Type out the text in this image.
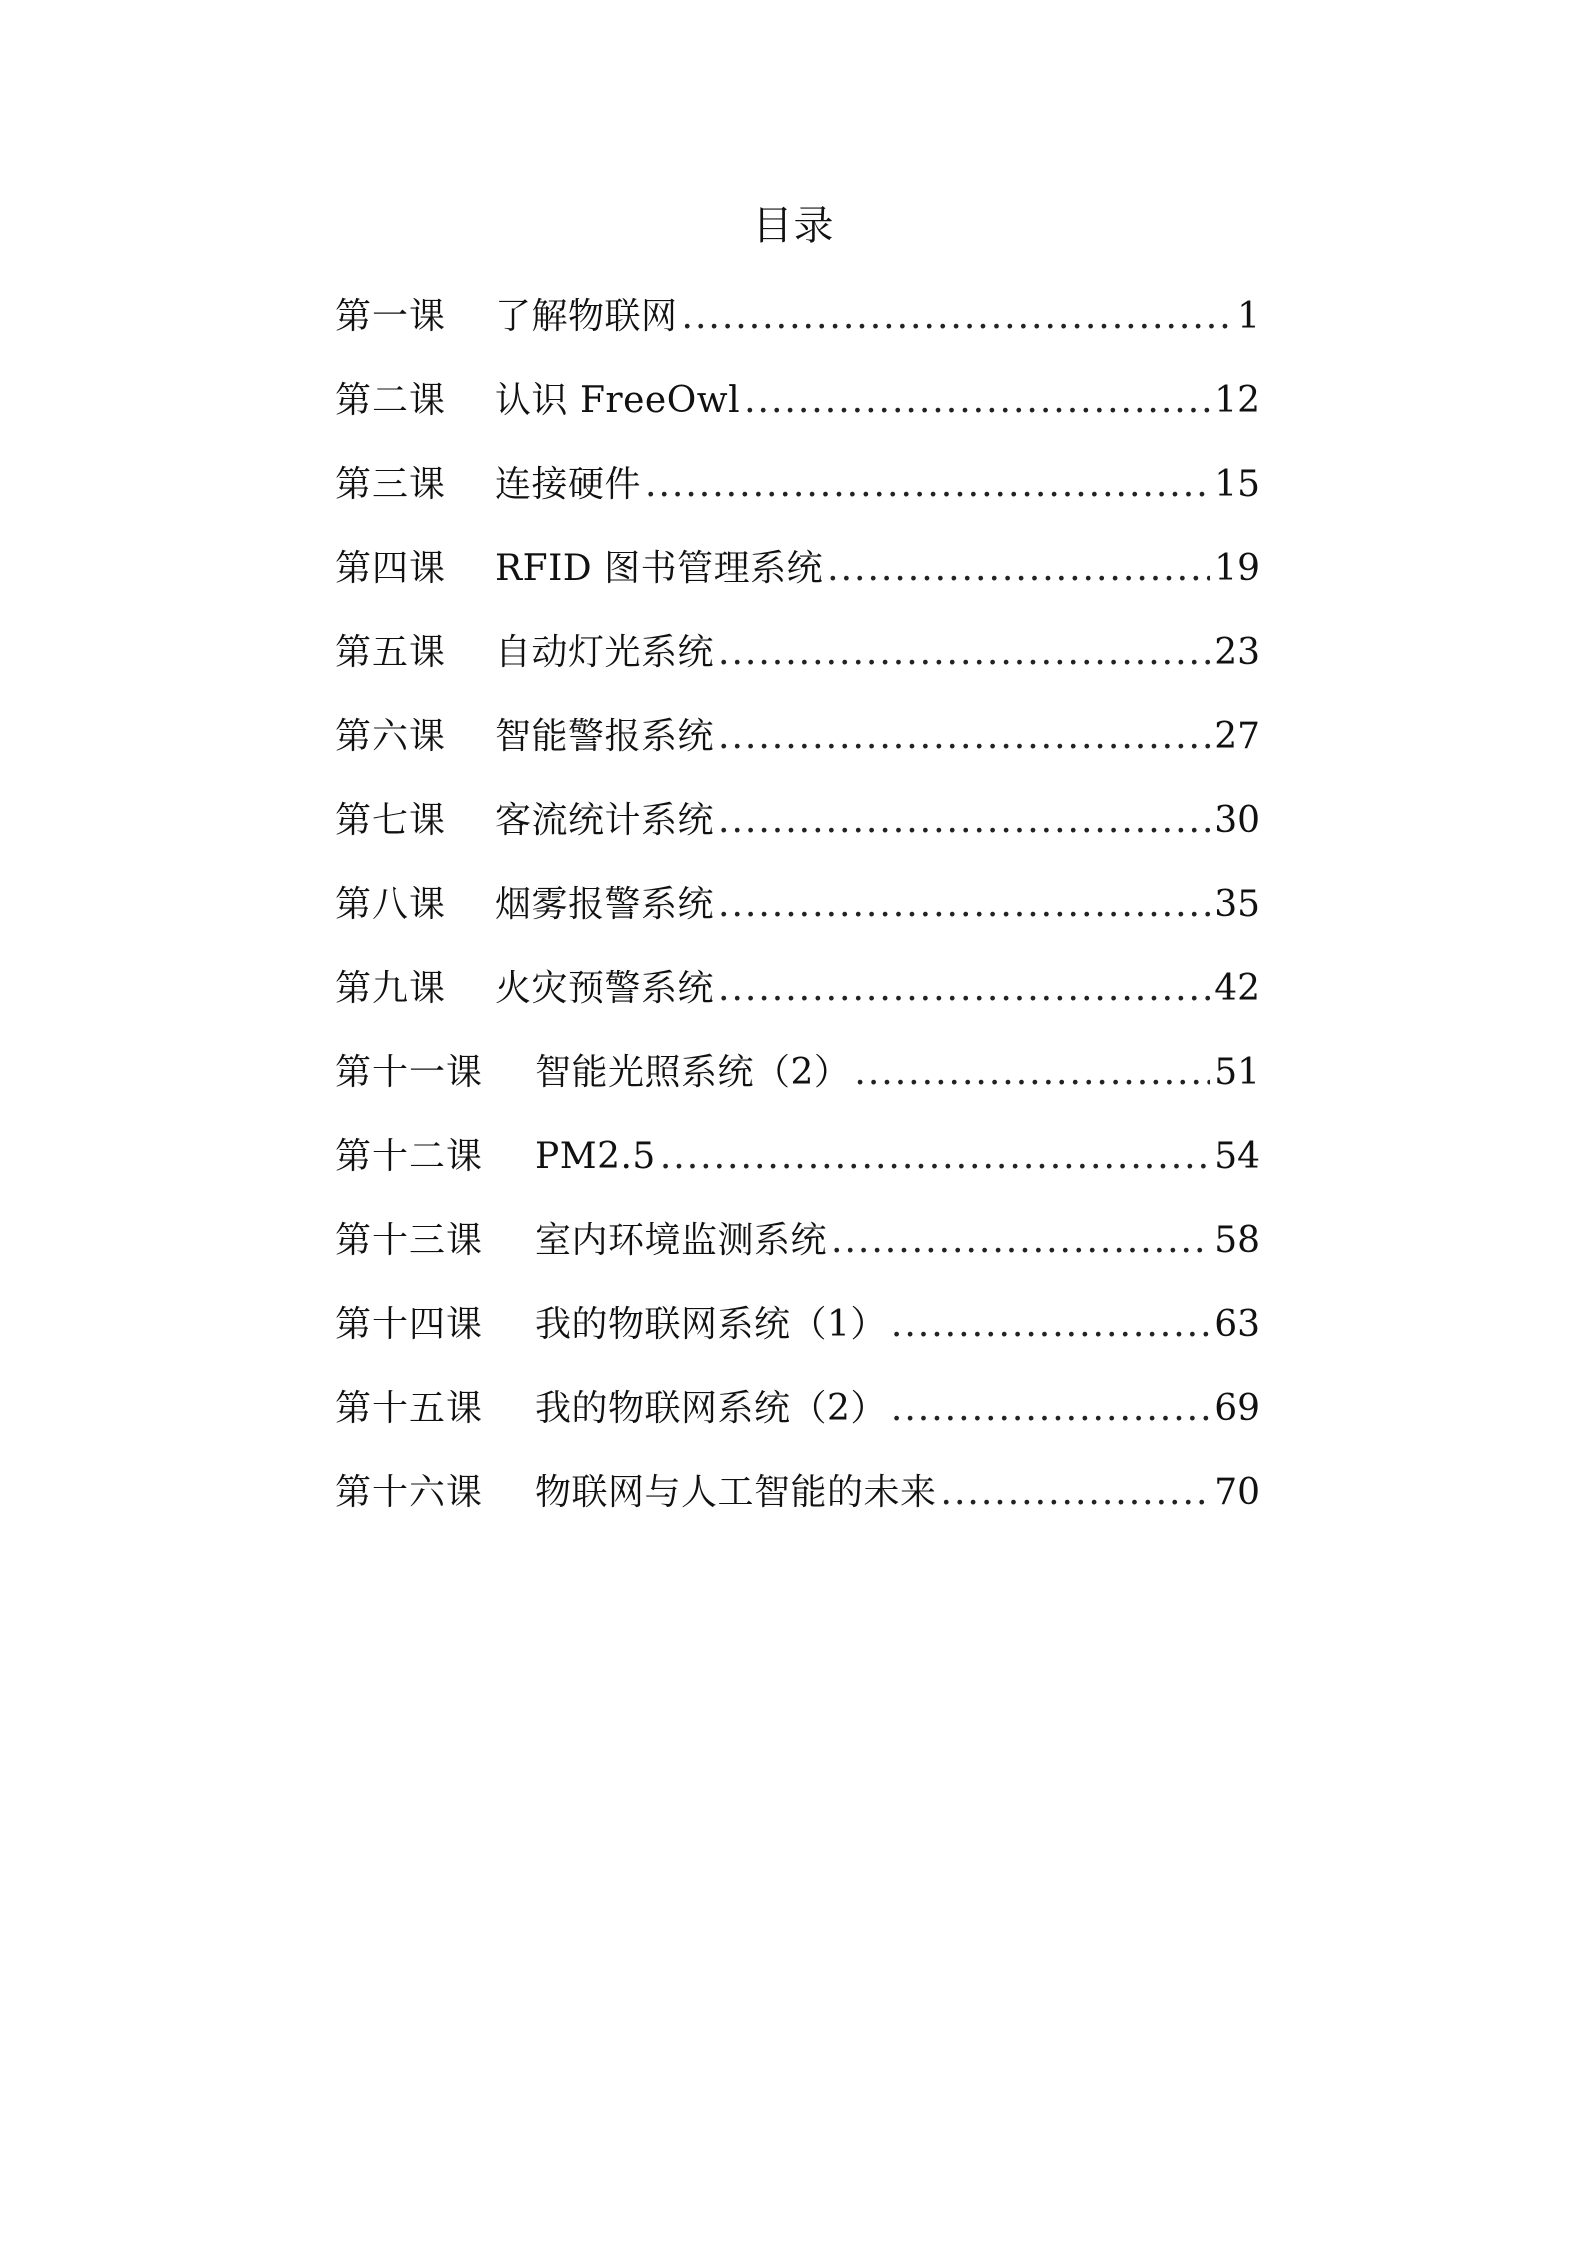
目录
第一课	了解物联网 .....	1
第二课	认识 FreeOwl .....	12
第三课	连接硬件 .....	15
第四课	RFID 图书管理系统 .....	19
第五课	自动灯光系统 .....	23
第六课	智能警报系统 .....	27
第七课	客流统计系统 .....	30
第八课	烟雾报警系统 .....	35
第九课	火灾预警系统 .....	42
第十一课	智能光照系统（2） .....	51
第十二课	PM2.5 .....	54
第十三课	室内环境监测系统 .....	58
第十四课	我的物联网系统（1） .....	63
第十五课	我的物联网系统（2） .....	69
第十六课	物联网与人工智能的未来 .....	70
